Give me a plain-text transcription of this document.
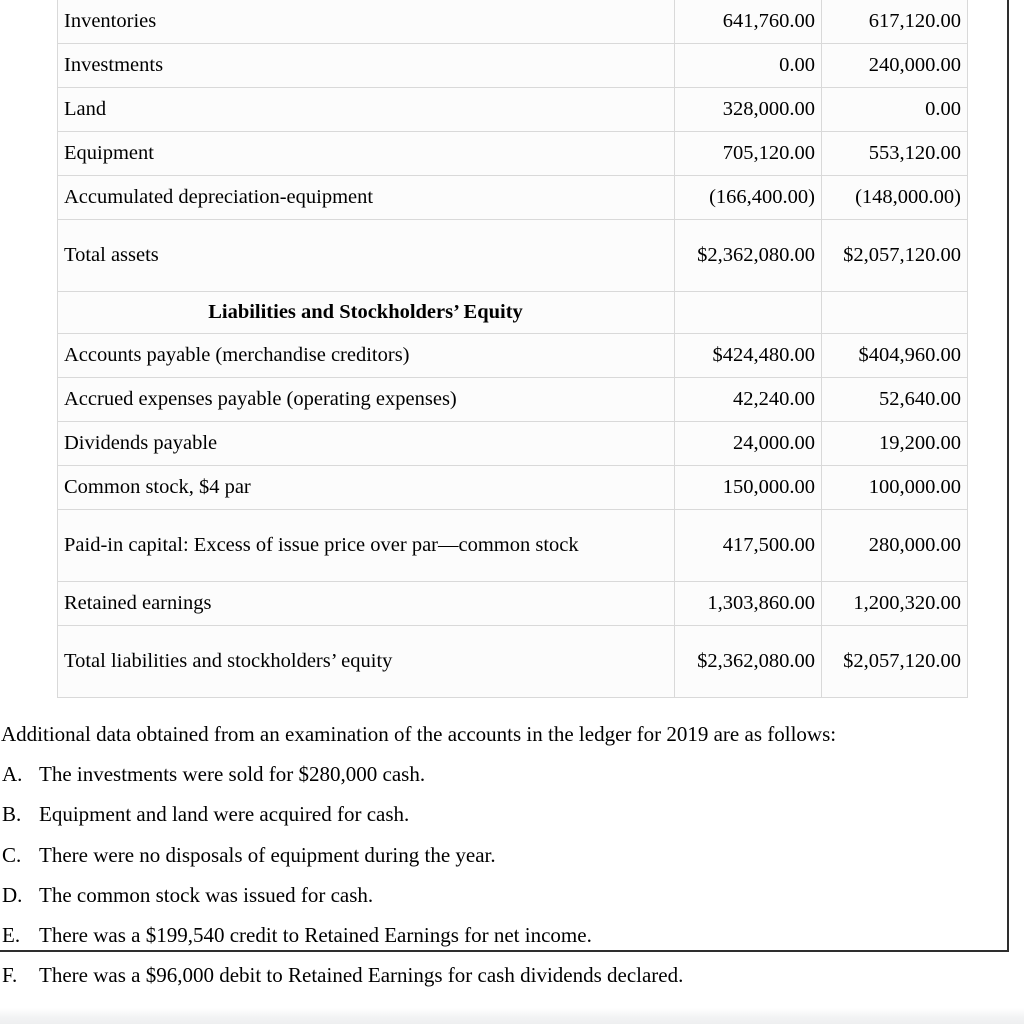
Inventories	641,760.00	617,120.00
Investments	0.00	240,000.00
Land	328,000.00	0.00
Equipment	705,120.00	553,120.00
Accumulated depreciation-equipment	(166,400.00)	(148,000.00)
Total assets	$2,362,080.00	$2,057,120.00
Liabilities and Stockholders’ Equity		
Accounts payable (merchandise creditors)	$424,480.00	$404,960.00
Accrued expenses payable (operating expenses)	42,240.00	52,640.00
Dividends payable	24,000.00	19,200.00
Common stock, $4 par	150,000.00	100,000.00
Paid-in capital: Excess of issue price over par—common stock	417,500.00	280,000.00
Retained earnings	1,303,860.00	1,200,320.00
Total liabilities and stockholders’ equity	$2,362,080.00	$2,057,120.00

Additional data obtained from an examination of the accounts in the ledger for 2019 are as follows:

A. The investments were sold for $280,000 cash.
B. Equipment and land were acquired for cash.
C. There were no disposals of equipment during the year.
D. The common stock was issued for cash.
E. There was a $199,540 credit to Retained Earnings for net income.
F.	There was a $96,000 debit to Retained Earnings for cash dividends declared.
